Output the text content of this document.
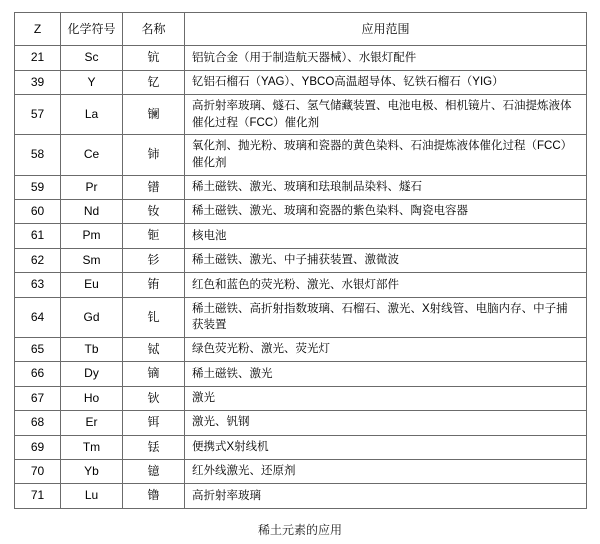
Z	化学符号	名称	应用范围
21	Sc	钪	铝钪合金（用于制造航天器械）、水银灯配件
39	Y	钇	钇铝石榴石（YAG）、YBCO高温超导体、钇铁石榴石（YIG）
57	La	镧	高折射率玻璃、燧石、氢气储藏装置、电池电极、相机镜片、石油提炼液体催化过程（FCC）催化剂
58	Ce	铈	氧化剂、抛光粉、玻璃和瓷器的黄色染料、石油提炼液体催化过程（FCC）催化剂
59	Pr	镨	稀土磁铁、激光、玻璃和珐琅制品染料、燧石
60	Nd	钕	稀土磁铁、激光、玻璃和瓷器的紫色染料、陶瓷电容器
61	Pm	钷	核电池
62	Sm	钐	稀土磁铁、激光、中子捕获装置、激微波
63	Eu	铕	红色和蓝色的荧光粉、激光、水银灯部件
64	Gd	钆	稀土磁铁、高折射指数玻璃、石榴石、激光、X射线管、电脑内存、中子捕获装置
65	Tb	铽	绿色荧光粉、激光、荧光灯
66	Dy	镝	稀土磁铁、激光
67	Ho	钬	激光
68	Er	铒	激光、钒钢
69	Tm	铥	便携式X射线机
70	Yb	镱	红外线激光、还原剂
71	Lu	镥	高折射率玻璃
稀土元素的应用
